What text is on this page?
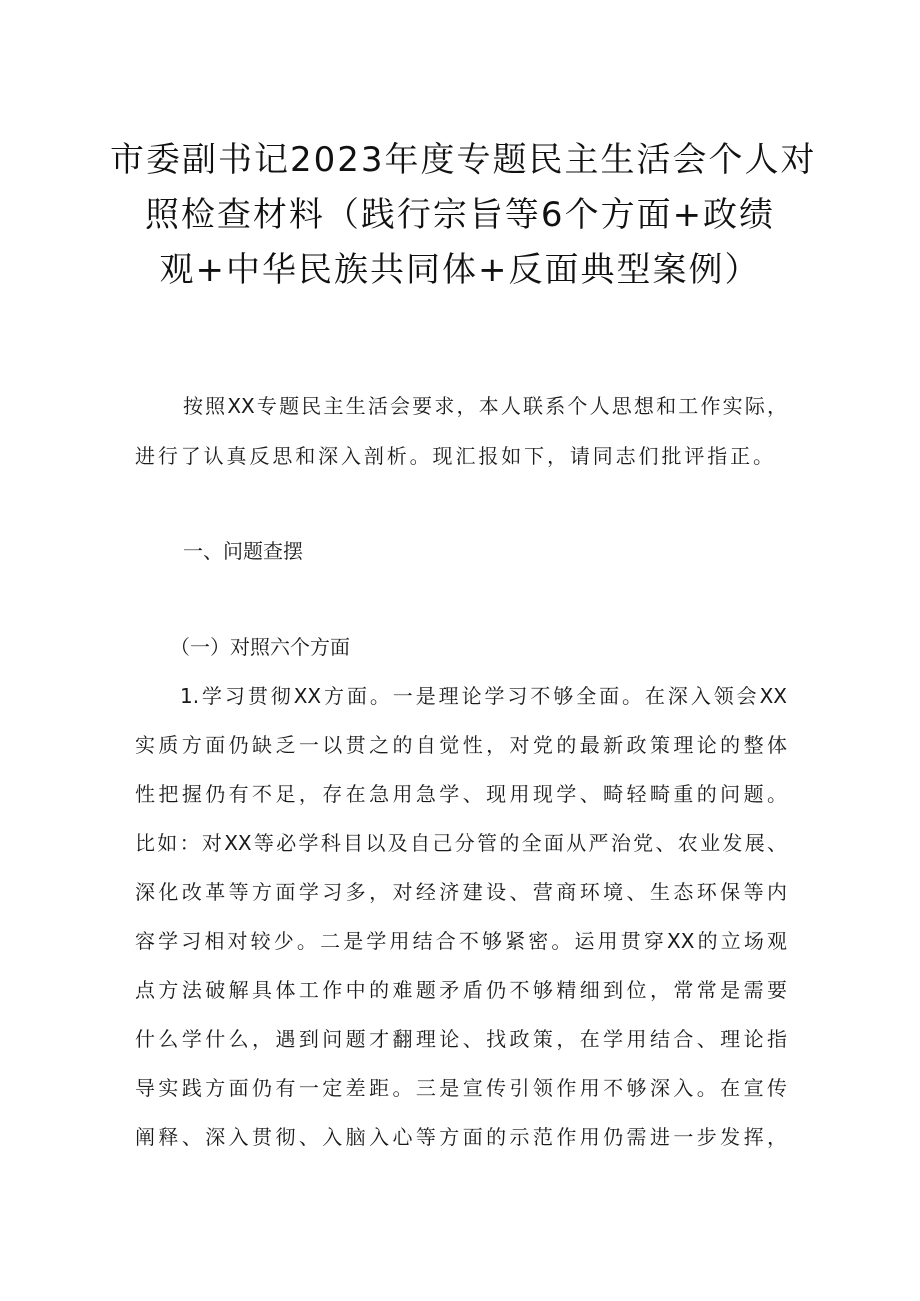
市委副书记2023年度专题民主生活会个人对
照检查材料（践行宗旨等6个方面+政绩
观+中华民族共同体+反面典型案例）
按照XX专题民主生活会要求，本人联系个人思想和工作实际，
进行了认真反思和深入剖析。现汇报如下，请同志们批评指正。
一、问题查摆
（一）对照六个方面
1.学习贯彻XX方面。一是理论学习不够全面。在深入领会XX
实质方面仍缺乏一以贯之的自觉性，对党的最新政策理论的整体
性把握仍有不足，存在急用急学、现用现学、畸轻畸重的问题。
比如：对XX等必学科目以及自己分管的全面从严治党、农业发展、
深化改革等方面学习多，对经济建设、营商环境、生态环保等内
容学习相对较少。二是学用结合不够紧密。运用贯穿XX的立场观
点方法破解具体工作中的难题矛盾仍不够精细到位，常常是需要
什么学什么，遇到问题才翻理论、找政策，在学用结合、理论指
导实践方面仍有一定差距。三是宣传引领作用不够深入。在宣传
阐释、深入贯彻、入脑入心等方面的示范作用仍需进一步发挥，
